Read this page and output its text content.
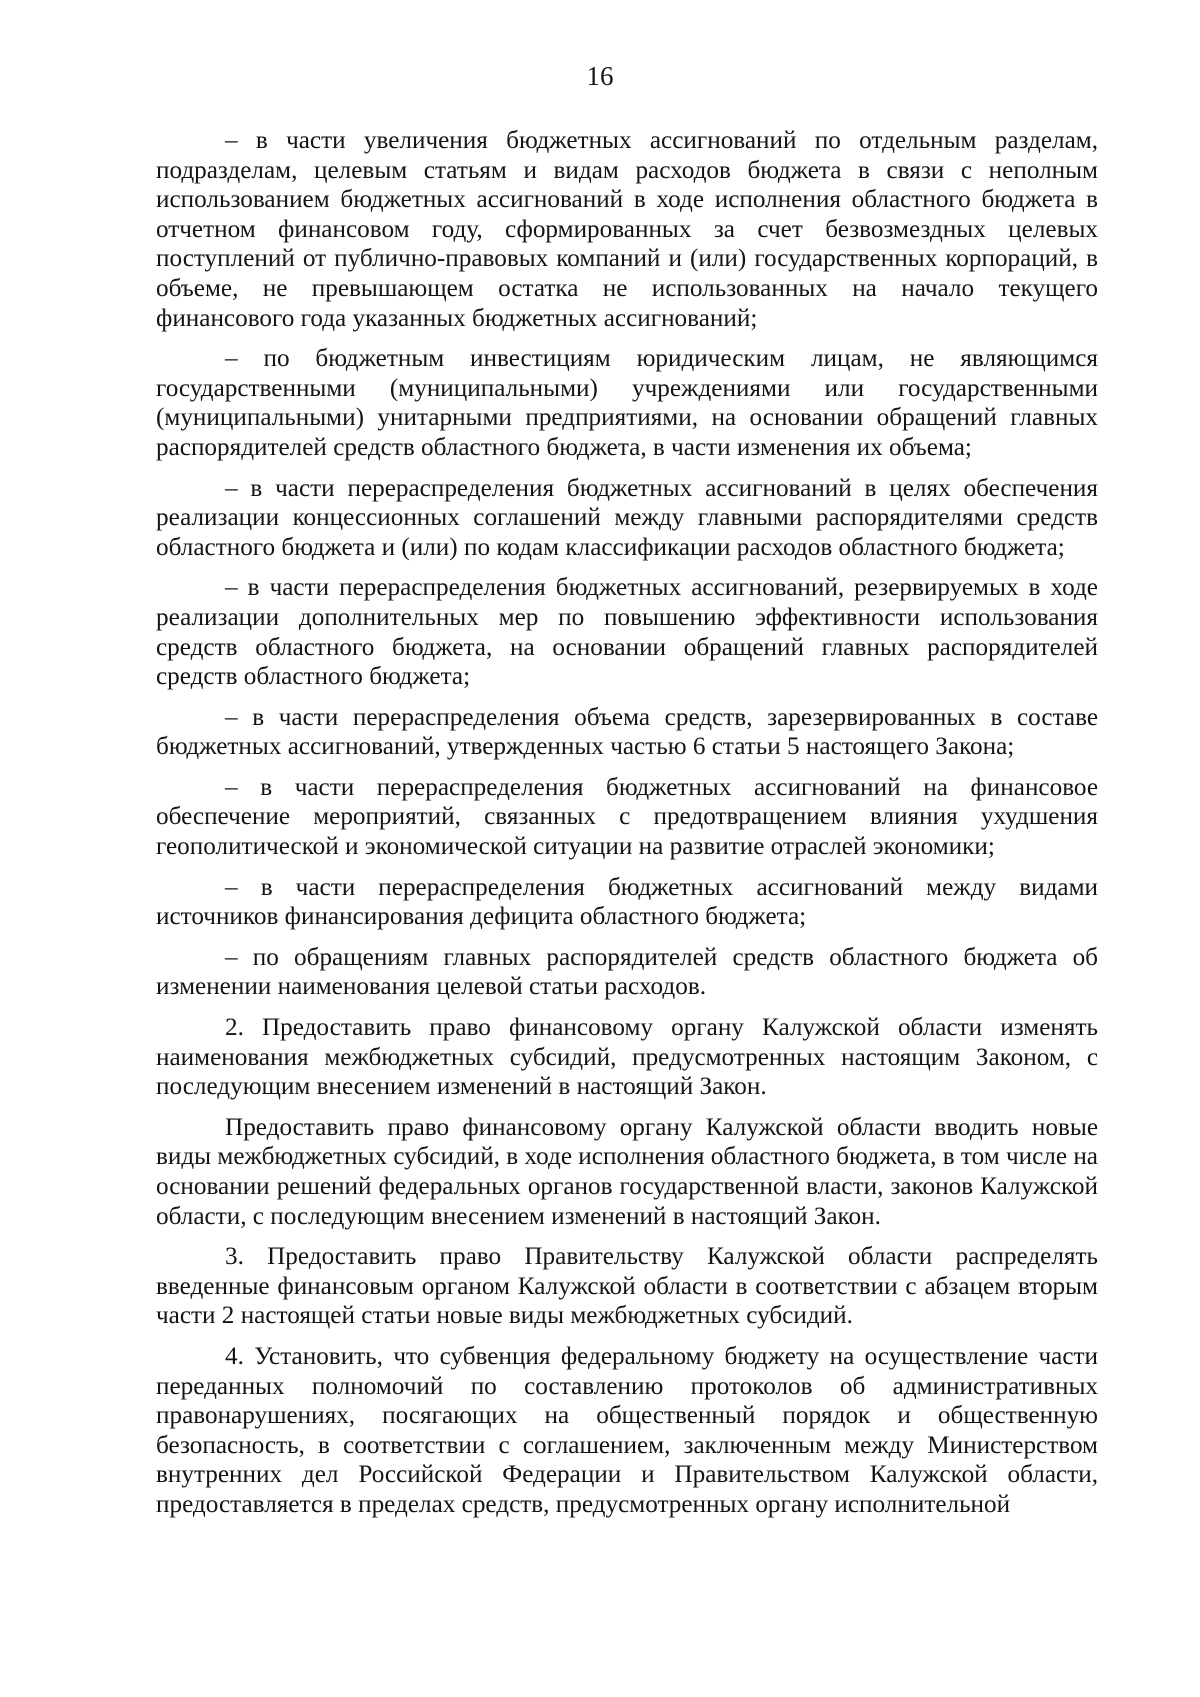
16

– в части увеличения бюджетных ассигнований по отдельным разделам, подразделам, целевым статьям и видам расходов бюджета в связи с неполным использованием бюджетных ассигнований в ходе исполнения областного бюджета в отчетном финансовом году, сформированных за счет безвозмездных целевых поступлений от публично-правовых компаний и (или) государственных корпораций, в объеме, не превышающем остатка не использованных на начало текущего финансового года указанных бюджетных ассигнований;

– по бюджетным инвестициям юридическим лицам, не являющимся государственными (муниципальными) учреждениями или государственными (муниципальными) унитарными предприятиями, на основании обращений главных распорядителей средств областного бюджета, в части изменения их объема;

– в части перераспределения бюджетных ассигнований в целях обеспечения реализации концессионных соглашений между главными распорядителями средств областного бюджета и (или) по кодам классификации расходов областного бюджета;

– в части перераспределения бюджетных ассигнований, резервируемых в ходе реализации дополнительных мер по повышению эффективности использования средств областного бюджета, на основании обращений главных распорядителей средств областного бюджета;

– в части перераспределения объема средств, зарезервированных в составе бюджетных ассигнований, утвержденных частью 6 статьи 5 настоящего Закона;

– в части перераспределения бюджетных ассигнований на финансовое обеспечение мероприятий, связанных с предотвращением влияния ухудшения геополитической и экономической ситуации на развитие отраслей экономики;

– в части перераспределения бюджетных ассигнований между видами источников финансирования дефицита областного бюджета;

– по обращениям главных распорядителей средств областного бюджета об изменении наименования целевой статьи расходов.

2. Предоставить право финансовому органу Калужской области изменять наименования межбюджетных субсидий, предусмотренных настоящим Законом, с последующим внесением изменений в настоящий Закон.

Предоставить право финансовому органу Калужской области вводить новые виды межбюджетных субсидий, в ходе исполнения областного бюджета, в том числе на основании решений федеральных органов государственной власти, законов Калужской области, с последующим внесением изменений в настоящий Закон.

3. Предоставить право Правительству Калужской области распределять введенные финансовым органом Калужской области в соответствии с абзацем вторым части 2 настоящей статьи новые виды межбюджетных субсидий.

4. Установить, что субвенция федеральному бюджету на осуществление части переданных полномочий по составлению протоколов об административных правонарушениях, посягающих на общественный порядок и общественную безопасность, в соответствии с соглашением, заключенным между Министерством внутренних дел Российской Федерации и Правительством Калужской области, предоставляется в пределах средств, предусмотренных органу исполнительной
